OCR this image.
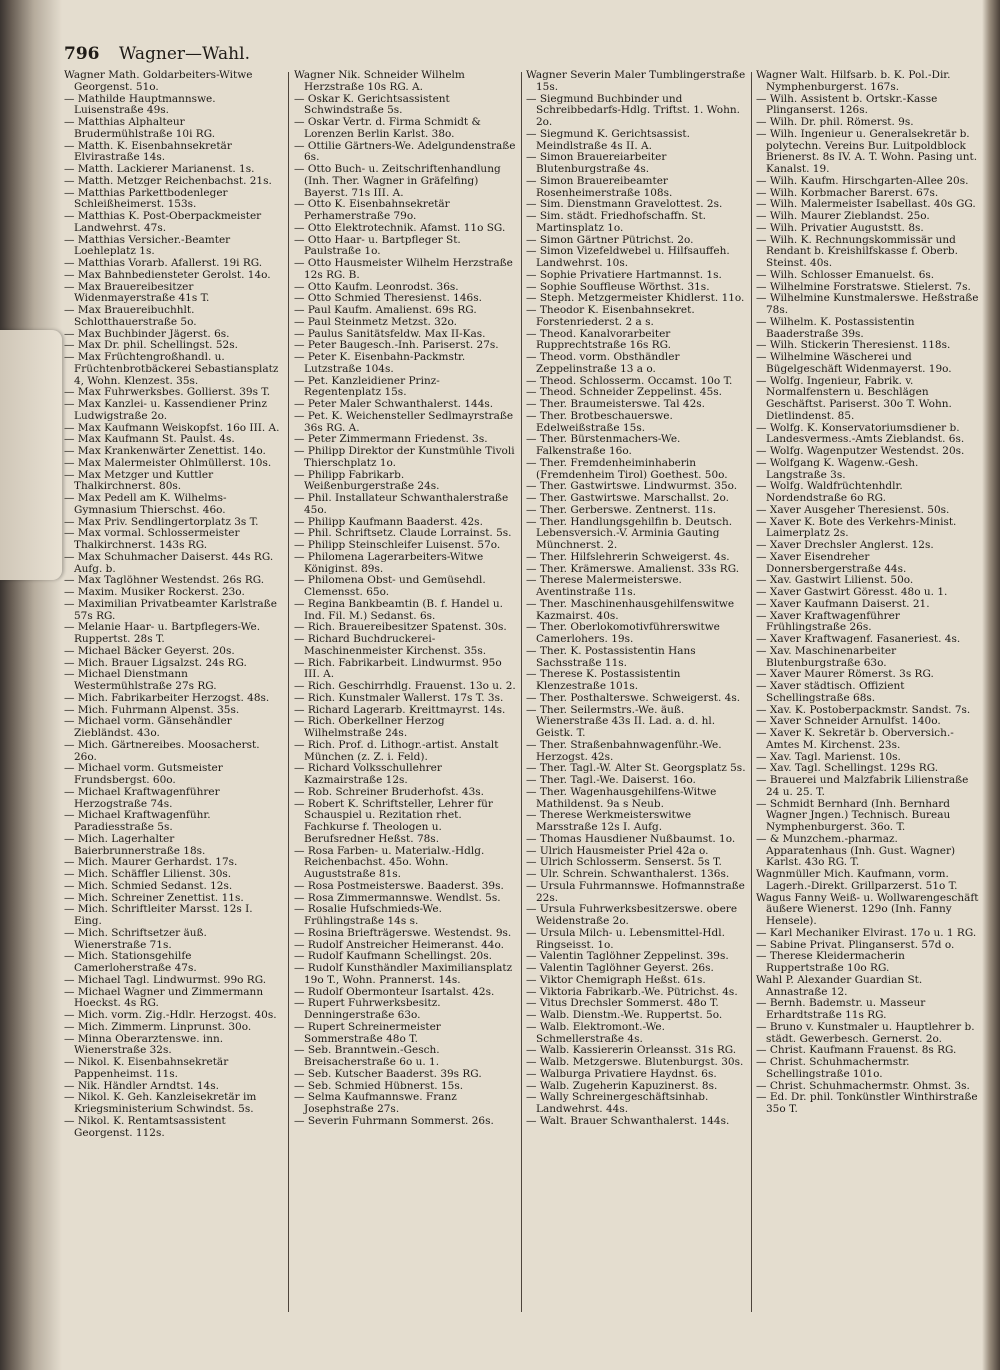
796 Wagner—Wahl.

Wagner Math. Goldarbeiters-Witwe Georgenst. 51o.

— Mathilde Hauptmannswe. Luisenstraße 49s.

— Matthias Alphalteur Brudermühlstraße 10i RG.

— Matth. K. Eisenbahnsekretär Elvirastraße 14s.

— Matth. Lackierer Marianenst. 1s.

— Matth. Metzger Reichenbachst. 21s.

— Matthias Parkettbodenleger Schleißheimerst. 153s.

— Matthias K. Post-Oberpackmeister Landwehrst. 47s.

— Matthias Versicher.-Beamter Loehleplatz 1s.

— Matthias Vorarb. Afallerst. 19i RG.

— Max Bahnbediensteter Gerolst. 14o.

— Max Brauereibesitzer Widenmayerstraße 41s T.

— Max Brauereibuchhlt. Schlotthauerstraße 5o.

— Max Buchbinder Jägerst. 6s.

— Max Dr. phil. Schellingst. 52s.

— Max Früchtengroßhandl. u. Früchtenbrotbäckerei Sebastiansplatz 4, Wohn. Klenzest. 35s.

— Max Fuhrwerksbes. Gollierst. 39s T.

— Max Kanzlei- u. Kassendiener Prinz Ludwigstraße 2o.

— Max Kaufmann Weiskopfst. 16o III. A.

— Max Kaufmann St. Paulst. 4s.

— Max Krankenwärter Zenettist. 14o.

— Max Malermeister Ohlmüllerst. 10s.

— Max Metzger und Kuttler Thalkirchnerst. 80s.

— Max Pedell am K. Wilhelms-Gymnasium Thierschst. 46o.

— Max Priv. Sendlingertorplatz 3s T.

— Max vormal. Schlossermeister Thalkirchnerst. 143s RG.

— Max Schuhmacher Daiserst. 44s RG. Aufg. b.

— Max Taglöhner Westendst. 26s RG.

— Maxim. Musiker Rockerst. 23o.

— Maximilian Privatbeamter Karlstraße 57s RG.

— Melanie Haar- u. Bartpflegers-We. Ruppertst. 28s T.

— Michael Bäcker Geyerst. 20s.

— Mich. Brauer Ligsalzst. 24s RG.

— Michael Dienstmann Westermühlstraße 27s RG.

— Mich. Fabrikarbeiter Herzogst. 48s.

— Mich. Fuhrmann Alpenst. 35s.

— Michael vorm. Gänsehändler Ziebländst. 43o.

— Mich. Gärtnereibes. Moosacherst. 26o.

— Michael vorm. Gutsmeister Frundsbergst. 60o.

— Michael Kraftwagenführer Herzogstraße 74s.

— Michael Kraftwagenführ. Paradiesstraße 5s.

— Mich. Lagerhalter Baierbrunnerstraße 18s.

— Mich. Maurer Gerhardst. 17s.

— Mich. Schäffler Lilienst. 30s.

— Mich. Schmied Sedanst. 12s.

— Mich. Schreiner Zenettist. 11s.

— Mich. Schriftleiter Marsst. 12s I. Eing.

— Mich. Schriftsetzer äuß. Wienerstraße 71s.

— Mich. Stationsgehilfe Camerloherstraße 47s.

— Michael Tagl. Lindwurmst. 99o RG.

— Michael Wagner und Zimmermann Hoeckst. 4s RG.

— Mich. vorm. Zig.-Hdlr. Herzogst. 40s.

— Mich. Zimmerm. Linprunst. 30o.

— Minna Oberarztenswe. inn. Wienerstraße 32s.

— Nikol. K. Eisenbahnsekretär Pappenheimst. 11s.

— Nik. Händler Arndtst. 14s.

— Nikol. K. Geh. Kanzleisekretär im Kriegsministerium Schwindst. 5s.

— Nikol. K. Rentamtsassistent Georgenst. 112s.

Wagner Nik. Schneider Wilhelm Herzstraße 10s RG. A.

— Oskar K. Gerichtsassistent Schwindstraße 5s.

— Oskar Vertr. d. Firma Schmidt & Lorenzen Berlin Karlst. 38o.

— Ottilie Gärtners-We. Adelgundenstraße 6s.

— Otto Buch- u. Zeitschriftenhandlung (Inh. Ther. Wagner in Gräfelfing) Bayerst. 71s III. A.

— Otto K. Eisenbahnsekretär Perhamerstraße 79o.

— Otto Elektrotechnik. Afamst. 11o SG.

— Otto Haar- u. Bartpfleger St. Paulstraße 1o.

— Otto Hausmeister Wilhelm Herzstraße 12s RG. B.

— Otto Kaufm. Leonrodst. 36s.

— Otto Schmied Theresienst. 146s.

— Paul Kaufm. Amalienst. 69s RG.

— Paul Steinmetz Metzst. 32o.

— Paulus Sanitätsfeldw. Max II-Kas.

— Peter Baugesch.-Inh. Pariserst. 27s.

— Peter K. Eisenbahn-Packmstr. Lutzstraße 104s.

— Pet. Kanzleidiener Prinz-Regentenplatz 15s.

— Peter Maler Schwanthalerst. 144s.

— Pet. K. Weichensteller Sedlmayrstraße 36s RG. A.

— Peter Zimmermann Friedenst. 3s.

— Philipp Direktor der Kunstmühle Tivoli Thierschplatz 1o.

— Philipp Fabrikarb. Weißenburgerstraße 24s.

— Phil. Installateur Schwanthalerstraße 45o.

— Philipp Kaufmann Baaderst. 42s.

— Phil. Schriftsetz. Claude Lorrainst. 5s.

— Philipp Steinschleifer Luisenst. 57o.

— Philomena Lagerarbeiters-Witwe Königinst. 89s.

— Philomena Obst- und Gemüsehdl. Clemensst. 65o.

— Regina Bankbeamtin (B. f. Handel u. Ind. Fil. M.) Sedanst. 6s.

— Rich. Brauereibesitzer Spatenst. 30s.

— Richard Buchdruckerei-Maschinenmeister Kirchenst. 35s.

— Rich. Fabrikarbeit. Lindwurmst. 95o III. A.

— Rich. Geschirrhdlg. Frauenst. 13o u. 2.

— Rich. Kunstmaler Wallerst. 17s T. 3s.

— Richard Lagerarb. Kreittmayrst. 14s.

— Rich. Oberkellner Herzog Wilhelmstraße 24s.

— Rich. Prof. d. Lithogr.-artist. Anstalt München (z. Z. i. Feld).

— Richard Volksschullehrer Kazmairstraße 12s.

— Rob. Schreiner Bruderhofst. 43s.

— Robert K. Schriftsteller, Lehrer für Schauspiel u. Rezitation rhet. Fachkurse f. Theologen u. Berufsredner Heßst. 78s.

— Rosa Farben- u. Materialw.-Hdlg. Reichenbachst. 45o. Wohn. Auguststraße 81s.

— Rosa Postmeisterswe. Baaderst. 39s.

— Rosa Zimmermannswe. Wendlst. 5s.

— Rosalie Hufschmieds-We. Frühlingstraße 14s s.

— Rosina Briefträgerswe. Westendst. 9s.

— Rudolf Anstreicher Heimeranst. 44o.

— Rudolf Kaufmann Schellingst. 20s.

— Rudolf Kunsthändler Maximiliansplatz 19o T., Wohn. Prannerst. 14s.

— Rudolf Obermonteur Isartalst. 42s.

— Rupert Fuhrwerksbesitz. Denningerstraße 63o.

— Rupert Schreinermeister Sommerstraße 48o T.

— Seb. Branntwein.-Gesch. Breisacherstraße 6o u. 1.

— Seb. Kutscher Baaderst. 39s RG.

— Seb. Schmied Hübnerst. 15s.

— Selma Kaufmannswe. Franz Josephstraße 27s.

— Severin Fuhrmann Sommerst. 26s.

Wagner Severin Maler Tumblingerstraße 15s.

— Siegmund Buchbinder und Schreibbedarfs-Hdlg. Triftst. 1. Wohn. 2o.

— Siegmund K. Gerichtsassist. Meindlstraße 4s II. A.

— Simon Brauereiarbeiter Blutenburgstraße 4s.

— Simon Brauereibeamter Rosenheimerstraße 108s.

— Sim. Dienstmann Gravelottest. 2s.

— Sim. städt. Friedhofschaffn. St. Martinsplatz 1o.

— Simon Gärtner Pütrichst. 2o.

— Simon Vizefeldwebel u. Hilfsauffeh. Landwehrst. 10s.

— Sophie Privatiere Hartmannst. 1s.

— Sophie Souffleuse Wörthst. 31s.

— Steph. Metzgermeister Khidlerst. 11o.

— Theodor K. Eisenbahnsekret. Forstenriederst. 2 a s.

— Theod. Kanalvorarbeiter Rupprechtstraße 16s RG.

— Theod. vorm. Obsthändler Zeppelinstraße 13 a o.

— Theod. Schlosserm. Occamst. 10o T.

— Theod. Schneider Zeppelinst. 45s.

— Ther. Braumeisterswe. Tal 42s.

— Ther. Brotbeschauerswe. Edelweißstraße 15s.

— Ther. Bürstenmachers-We. Falkenstraße 16o.

— Ther. Fremdenheiminhaberin (Fremdenheim Tirol) Goethest. 50o.

— Ther. Gastwirtswe. Lindwurmst. 35o.

— Ther. Gastwirtswe. Marschallst. 2o.

— Ther. Gerberswe. Zentnerst. 11s.

— Ther. Handlungsgehilfin b. Deutsch. Lebensversich.-V. Arminia Gauting Münchnerst. 2.

— Ther. Hilfslehrerin Schweigerst. 4s.

— Ther. Krämerswe. Amalienst. 33s RG.

— Therese Malermeisterswe. Aventinstraße 11s.

— Ther. Maschinenhausgehilfenswitwe Kazmairst. 40s.

— Ther. Oberlokomotivführerswitwe Camerlohers. 19s.

— Ther. K. Postassistentin Hans Sachsstraße 11s.

— Therese K. Postassistentin Klenzestraße 101s.

— Ther. Posthalterswe. Schweigerst. 4s.

— Ther. Seilermstrs.-We. äuß. Wienerstraße 43s II. Lad. a. d. hl. Geistk. T.

— Ther. Straßenbahnwagenführ.-We. Herzogst. 42s.

— Ther. Tagl.-W. Alter St. Georgsplatz 5s.

— Ther. Tagl.-We. Daiserst. 16o.

— Ther. Wagenhausgehilfens-Witwe Mathildenst. 9a s Neub.

— Therese Werkmeisterswitwe Marsstraße 12s I. Aufg.

— Thomas Hausdiener Nußbaumst. 1o.

— Ulrich Hausmeister Priel 42a o.

— Ulrich Schlosserm. Senserst. 5s T.

— Ulr. Schrein. Schwanthalerst. 136s.

— Ursula Fuhrmannswe. Hofmannstraße 22s.

— Ursula Fuhrwerksbesitzerswe. obere Weidenstraße 2o.

— Ursula Milch- u. Lebensmittel-Hdl. Ringseisst. 1o.

— Valentin Taglöhner Zeppelinst. 39s.

— Valentin Taglöhner Geyerst. 26s.

— Viktor Chemigraph Heßst. 61s.

— Viktoria Fabrikarb.-We. Pütrichst. 4s.

— Vitus Drechsler Sommerst. 48o T.

— Walb. Dienstm.-We. Ruppertst. 5o.

— Walb. Elektromont.-We. Schmellerstraße 4s.

— Walb. Kassiererin Orleansst. 31s RG.

— Walb. Metzgerswe. Blutenburgst. 30s.

— Walburga Privatiere Haydnst. 6s.

— Walb. Zugeherin Kapuzinerst. 8s.

— Wally Schreinergeschäftsinhab. Landwehrst. 44s.

— Walt. Brauer Schwanthalerst. 144s.

Wagner Walt. Hilfsarb. b. K. Pol.-Dir. Nymphenburgerst. 167s.

— Wilh. Assistent b. Ortskr.-Kasse Plinganserst. 126s.

— Wilh. Dr. phil. Römerst. 9s.

— Wilh. Ingenieur u. Generalsekretär b. polytechn. Vereins Bur. Luitpoldblock Brienerst. 8s IV. A. T. Wohn. Pasing unt. Kanalst. 19.

— Wilh. Kaufm. Hirschgarten-Allee 20s.

— Wilh. Korbmacher Barerst. 67s.

— Wilh. Malermeister Isabellast. 40s GG.

— Wilh. Maurer Zieblandst. 25o.

— Wilh. Privatier Auguststt. 8s.

— Wilh. K. Rechnungskommissär und Rendant b. Kreishilfskasse f. Oberb. Steinst. 40s.

— Wilh. Schlosser Emanuelst. 6s.

— Wilhelmine Forstratswe. Stielerst. 7s.

— Wilhelmine Kunstmalerswe. Heßstraße 78s.

— Wilhelm. K. Postassistentin Baaderstraße 39s.

— Wilh. Stickerin Theresienst. 118s.

— Wilhelmine Wäscherei und Bügelgeschäft Widenmayerst. 19o.

— Wolfg. Ingenieur, Fabrik. v. Normalfenstern u. Beschlägen Geschäftst. Pariserst. 30o T. Wohn. Dietlindenst. 85.

— Wolfg. K. Konservatoriumsdiener b. Landesvermess.-Amts Zieblandst. 6s.

— Wolfg. Wagenputzer Westendst. 20s.

— Wolfgang K. Wagenw.-Gesh. Langstraße 3s.

— Wolfg. Waldfrüchtenhdlr. Nordendstraße 6o RG.

— Xaver Ausgeher Theresienst. 50s.

— Xaver K. Bote des Verkehrs-Minist. Laimerplatz 2s.

— Xaver Drechsler Anglerst. 12s.

— Xaver Eisendreher Donnersbergerstraße 44s.

— Xav. Gastwirt Lilienst. 50o.

— Xaver Gastwirt Göresst. 48o u. 1.

— Xaver Kaufmann Daiserst. 21.

— Xaver Kraftwagenführer Frühlingstraße 26s.

— Xaver Kraftwagenf. Fasaneriest. 4s.

— Xav. Maschinenarbeiter Blutenburgstraße 63o.

— Xaver Maurer Römerst. 3s RG.

— Xaver städtisch. Offizient Schellingstraße 68s.

— Xav. K. Postoberpackmstr. Sandst. 7s.

— Xaver Schneider Arnulfst. 140o.

— Xaver K. Sekretär b. Oberversich.-Amtes M. Kirchenst. 23s.

— Xav. Tagl. Marienst. 10s.

— Xav. Tagl. Schellingst. 129s RG.

— Brauerei und Malzfabrik Lilienstraße 24 u. 25. T.

— Schmidt Bernhard (Inh. Bernhard Wagner Jngen.) Technisch. Bureau Nymphenburgerst. 36o. T.

— & Munzchem.-pharmaz. Apparatenhaus (Inh. Gust. Wagner) Karlst. 43o RG. T.

Wagnmüller Mich. Kaufmann, vorm. Lagerh.-Direkt. Grillparzerst. 51o T.

Wagus Fanny Weiß- u. Wollwarengeschäft äußere Wienerst. 129o (Inh. Fanny Hensele).

— Karl Mechaniker Elvirast. 17o u. 1 RG.

— Sabine Privat. Plinganserst. 57d o.

— Therese Kleidermacherin Ruppertstraße 10o RG.

Wahl P. Alexander Guardian St. Annastraße 12.

— Bernh. Bademstr. u. Masseur Erhardtstraße 11s RG.

— Bruno v. Kunstmaler u. Hauptlehrer b. städt. Gewerbesch. Gernerst. 2o.

— Christ. Kaufmann Frauenst. 8s RG.

— Christ. Schuhmachermstr. Schellingstraße 101o.

— Christ. Schuhmachermstr. Ohmst. 3s.

— Ed. Dr. phil. Tonkünstler Winthirstraße 35o T.
